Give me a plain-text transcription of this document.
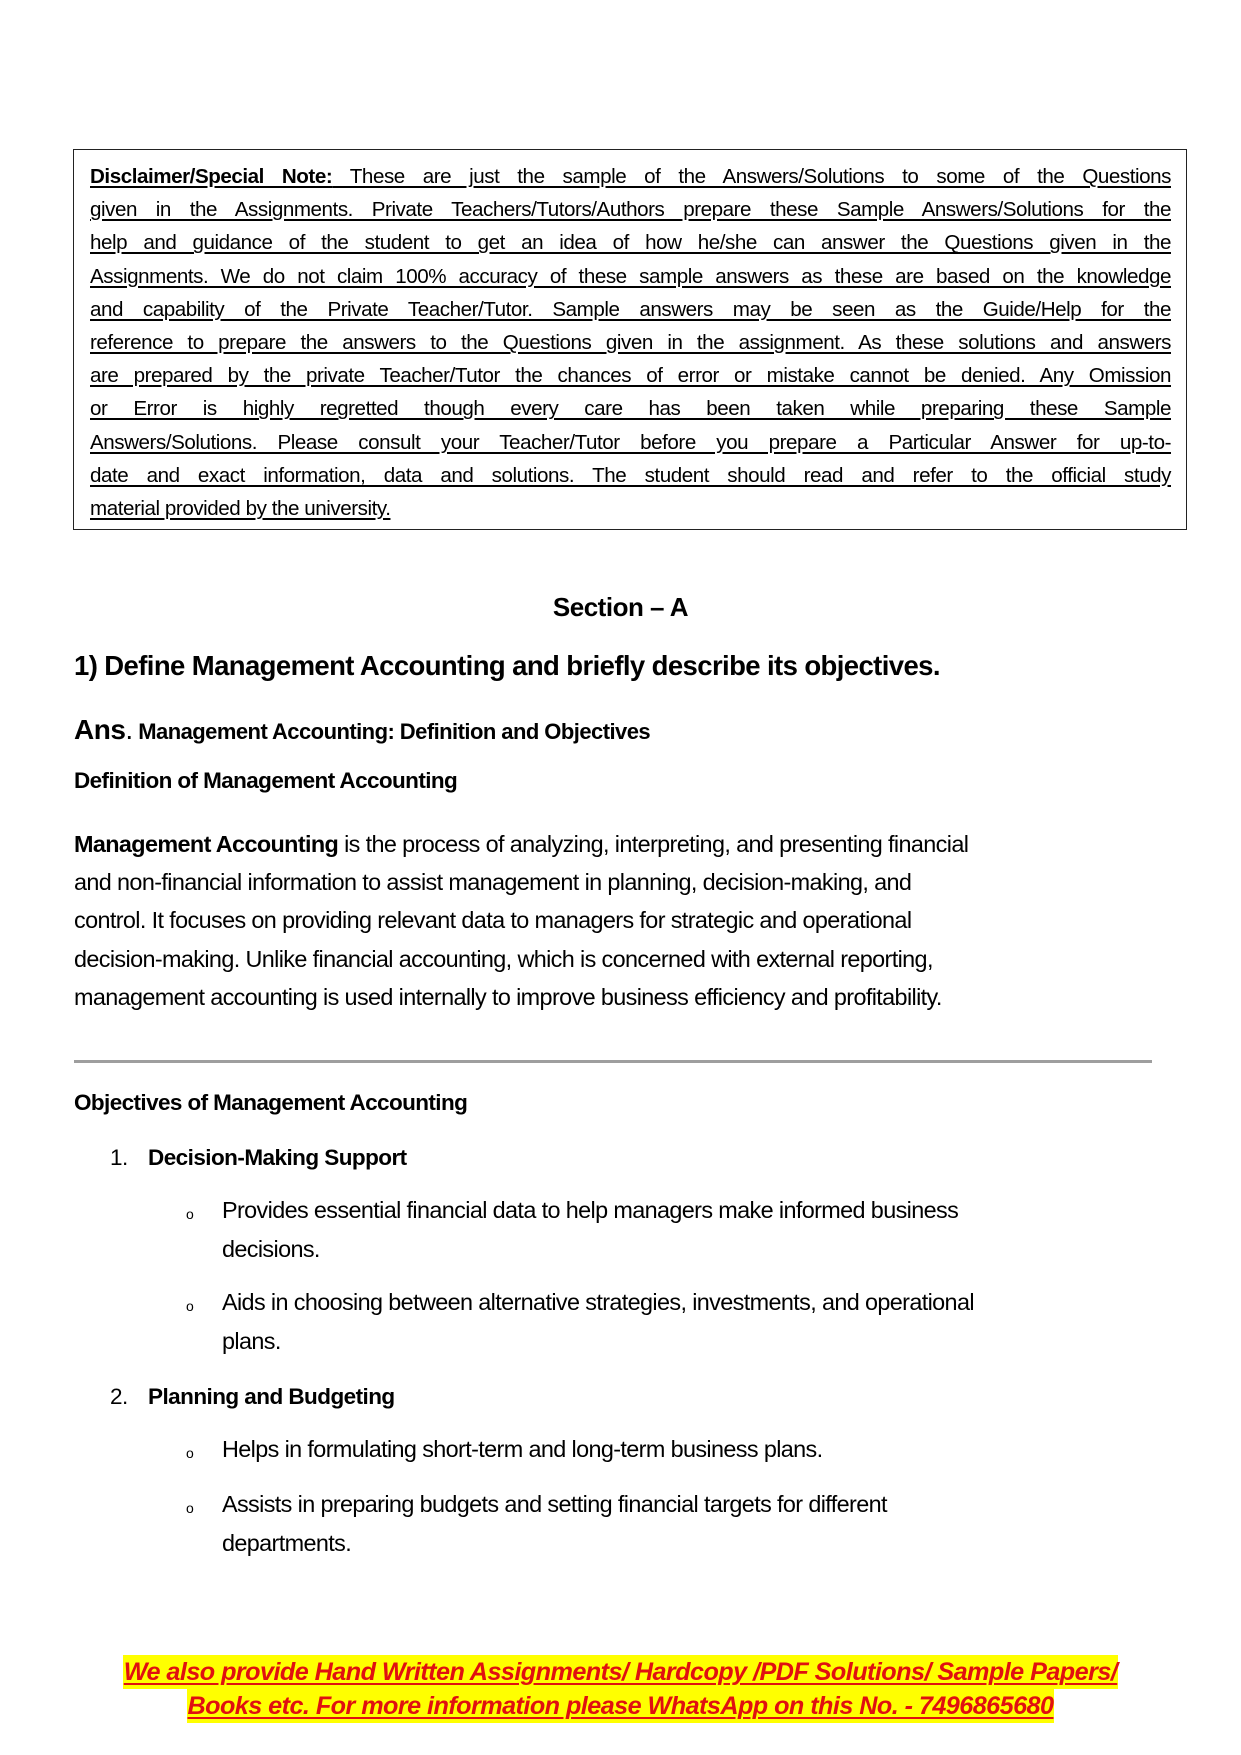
Disclaimer/Special Note: These are just the sample of the Answers/Solutions to some of the Questions
given in the Assignments. Private Teachers/Tutors/Authors prepare these Sample Answers/Solutions for the
help and guidance of the student to get an idea of how he/she can answer the Questions given in the
Assignments. We do not claim 100% accuracy of these sample answers as these are based on the knowledge
and capability of the Private Teacher/Tutor. Sample answers may be seen as the Guide/Help for the
reference to prepare the answers to the Questions given in the assignment. As these solutions and answers
are prepared by the private Teacher/Tutor the chances of error or mistake cannot be denied. Any Omission
or Error is highly regretted though every care has been taken while preparing these Sample
Answers/Solutions. Please consult your Teacher/Tutor before you prepare a Particular Answer for up-to-
date and exact information, data and solutions. The student should read and refer to the official study
material provided by the university.
Section – A
1) Define Management Accounting and briefly describe its objectives.
Ans. Management Accounting: Definition and Objectives
Definition of Management Accounting
Management Accounting is the process of analyzing, interpreting, and presenting financial
and non-financial information to assist management in planning, decision-making, and
control. It focuses on providing relevant data to managers for strategic and operational
decision-making. Unlike financial accounting, which is concerned with external reporting,
management accounting is used internally to improve business efficiency and profitability.
Objectives of Management Accounting
1. Decision-Making Support
o Provides essential financial data to help managers make informed business
decisions.
o Aids in choosing between alternative strategies, investments, and operational
plans.
2. Planning and Budgeting
o Helps in formulating short-term and long-term business plans.
o Assists in preparing budgets and setting financial targets for different
departments.
We also provide Hand Written Assignments/ Hardcopy /PDF Solutions/ Sample Papers/
Books etc. For more information please WhatsApp on this No. - 7496865680
